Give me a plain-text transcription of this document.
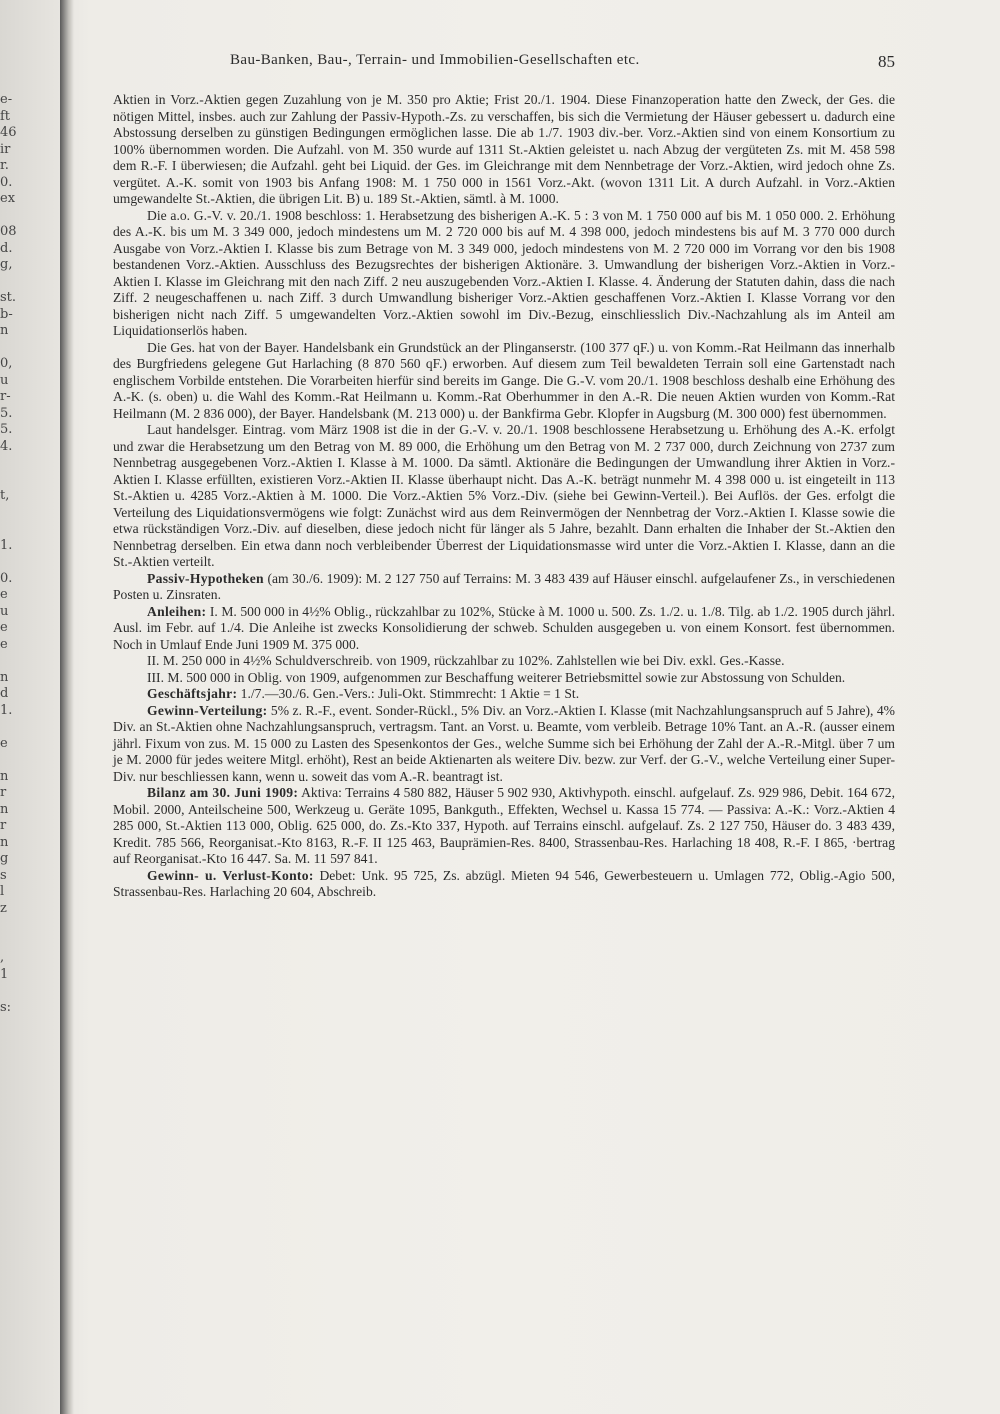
e-
ft
46
ir
r.
0.
ex
08
d.
g,
st.
b-
n
0,
u
r-
5.
5.
4.
t,
1.
0.
e
u
e
e
n
d
1.
e
n
r
n
r
n
g
s
l
z
,
1
s:
Bau-Banken, Bau-, Terrain- und Immobilien-Gesellschaften etc.	85

Aktien in Vorz.-Aktien gegen Zuzahlung von je M. 350 pro Aktie; Frist 20./1. 1904. Diese Finanzoperation hatte den Zweck, der Ges. die nötigen Mittel, insbes. auch zur Zahlung der Passiv-Hypoth.-Zs. zu verschaffen, bis sich die Vermietung der Häuser gebessert u. dadurch eine Abstossung derselben zu günstigen Bedingungen ermöglichen lasse. Die ab 1./7. 1903 div.-ber. Vorz.-Aktien sind von einem Konsortium zu 100% übernommen worden. Die Aufzahl. von M. 350 wurde auf 1311 St.-Aktien geleistet u. nach Abzug der vergüteten Zs. mit M. 458 598 dem R.-F. I überwiesen; die Aufzahl. geht bei Liquid. der Ges. im Gleichrange mit dem Nennbetrage der Vorz.-Aktien, wird jedoch ohne Zs. vergütet. A.-K. somit von 1903 bis Anfang 1908: M. 1 750 000 in 1561 Vorz.-Akt. (wovon 1311 Lit. A durch Aufzahl. in Vorz.-Aktien umgewandelte St.-Aktien, die übrigen Lit. B) u. 189 St.-Aktien, sämtl. à M. 1000.

Die a.o. G.-V. v. 20./1. 1908 beschloss: 1. Herabsetzung des bisherigen A.-K. 5 : 3 von M. 1 750 000 auf bis M. 1 050 000. 2. Erhöhung des A.-K. bis um M. 3 349 000, jedoch mindestens um M. 2 720 000 bis auf M. 4 398 000, jedoch mindestens bis auf M. 3 770 000 durch Ausgabe von Vorz.-Aktien I. Klasse bis zum Betrage von M. 3 349 000, jedoch mindestens von M. 2 720 000 im Vorrang vor den bis 1908 bestandenen Vorz.-Aktien. Ausschluss des Bezugsrechtes der bisherigen Aktionäre. 3. Umwandlung der bisherigen Vorz.-Aktien in Vorz.-Aktien I. Klasse im Gleichrang mit den nach Ziff. 2 neu auszugebenden Vorz.-Aktien I. Klasse. 4. Änderung der Statuten dahin, dass die nach Ziff. 2 neugeschaffenen u. nach Ziff. 3 durch Umwandlung bisheriger Vorz.-Aktien geschaffenen Vorz.-Aktien I. Klasse Vorrang vor den bisherigen nicht nach Ziff. 5 umgewandelten Vorz.-Aktien sowohl im Div.-Bezug, einschliesslich Div.-Nachzahlung als im Anteil am Liquidationserlös haben.

Die Ges. hat von der Bayer. Handelsbank ein Grundstück an der Plinganserstr. (100 377 qF.) u. von Komm.-Rat Heilmann das innerhalb des Burgfriedens gelegene Gut Harlaching (8 870 560 qF.) erworben. Auf diesem zum Teil bewaldeten Terrain soll eine Gartenstadt nach englischem Vorbilde entstehen. Die Vorarbeiten hierfür sind bereits im Gange. Die G.-V. vom 20./1. 1908 beschloss deshalb eine Erhöhung des A.-K. (s. oben) u. die Wahl des Komm.-Rat Heilmann u. Komm.-Rat Oberhummer in den A.-R. Die neuen Aktien wurden von Komm.-Rat Heilmann (M. 2 836 000), der Bayer. Handelsbank (M. 213 000) u. der Bankfirma Gebr. Klopfer in Augsburg (M. 300 000) fest übernommen.

Laut handelsger. Eintrag. vom März 1908 ist die in der G.-V. v. 20./1. 1908 beschlossene Herabsetzung u. Erhöhung des A.-K. erfolgt und zwar die Herabsetzung um den Betrag von M. 89 000, die Erhöhung um den Betrag von M. 2 737 000, durch Zeichnung von 2737 zum Nennbetrag ausgegebenen Vorz.-Aktien I. Klasse à M. 1000. Da sämtl. Aktionäre die Bedingungen der Umwandlung ihrer Aktien in Vorz.-Aktien I. Klasse erfüllten, existieren Vorz.-Aktien II. Klasse überhaupt nicht. Das A.-K. beträgt nunmehr M. 4 398 000 u. ist eingeteilt in 113 St.-Aktien u. 4285 Vorz.-Aktien à M. 1000. Die Vorz.-Aktien 5% Vorz.-Div. (siehe bei Gewinn-Verteil.). Bei Auflös. der Ges. erfolgt die Verteilung des Liquidationsvermögens wie folgt: Zunächst wird aus dem Reinvermögen der Nennbetrag der Vorz.-Aktien I. Klasse sowie die etwa rückständigen Vorz.-Div. auf dieselben, diese jedoch nicht für länger als 5 Jahre, bezahlt. Dann erhalten die Inhaber der St.-Aktien den Nennbetrag derselben. Ein etwa dann noch verbleibender Überrest der Liquidationsmasse wird unter die Vorz.-Aktien I. Klasse, dann an die St.-Aktien verteilt.

Passiv-Hypotheken (am 30./6. 1909): M. 2 127 750 auf Terrains: M. 3 483 439 auf Häuser einschl. aufgelaufener Zs., in verschiedenen Posten u. Zinsraten.

Anleihen: I. M. 500 000 in 4½% Oblig., rückzahlbar zu 102%, Stücke à M. 1000 u. 500. Zs. 1./2. u. 1./8. Tilg. ab 1./2. 1905 durch jährl. Ausl. im Febr. auf 1./4. Die Anleihe ist zwecks Konsolidierung der schweb. Schulden ausgegeben u. von einem Konsort. fest übernommen. Noch in Umlauf Ende Juni 1909 M. 375 000.

II. M. 250 000 in 4½% Schuldverschreib. von 1909, rückzahlbar zu 102%. Zahlstellen wie bei Div. exkl. Ges.-Kasse.

III. M. 500 000 in Oblig. von 1909, aufgenommen zur Beschaffung weiterer Betriebsmittel sowie zur Abstossung von Schulden.

Geschäftsjahr: 1./7.—30./6. Gen.-Vers.: Juli-Okt. Stimmrecht: 1 Aktie = 1 St.

Gewinn-Verteilung: 5% z. R.-F., event. Sonder-Rückl., 5% Div. an Vorz.-Aktien I. Klasse (mit Nachzahlungsanspruch auf 5 Jahre), 4% Div. an St.-Aktien ohne Nachzahlungsanspruch, vertragsm. Tant. an Vorst. u. Beamte, vom verbleib. Betrage 10% Tant. an A.-R. (ausser einem jährl. Fixum von zus. M. 15 000 zu Lasten des Spesenkontos der Ges., welche Summe sich bei Erhöhung der Zahl der A.-R.-Mitgl. über 7 um je M. 2000 für jedes weitere Mitgl. erhöht), Rest an beide Aktienarten als weitere Div. bezw. zur Verf. der G.-V., welche Verteilung einer Super-Div. nur beschliessen kann, wenn u. soweit das vom A.-R. beantragt ist.

Bilanz am 30. Juni 1909: Aktiva: Terrains 4 580 882, Häuser 5 902 930, Aktivhypoth. einschl. aufgelauf. Zs. 929 986, Debit. 164 672, Mobil. 2000, Anteilscheine 500, Werkzeug u. Geräte 1095, Bankguth., Effekten, Wechsel u. Kassa 15 774. — Passiva: A.-K.: Vorz.-Aktien 4 285 000, St.-Aktien 113 000, Oblig. 625 000, do. Zs.-Kto 337, Hypoth. auf Terrains einschl. aufgelauf. Zs. 2 127 750, Häuser do. 3 483 439, Kredit. 785 566, Reorganisat.-Kto 8163, R.-F. II 125 463, Bauprämien-Res. 8400, Strassenbau-Res. Harlaching 18 408, R.-F. I 865, ·bertrag auf Reorganisat.-Kto 16 447. Sa. M. 11 597 841.

Gewinn- u. Verlust-Konto: Debet: Unk. 95 725, Zs. abzügl. Mieten 94 546, Gewerbesteuern u. Umlagen 772, Oblig.-Agio 500, Strassenbau-Res. Harlaching 20 604, Abschreib.
